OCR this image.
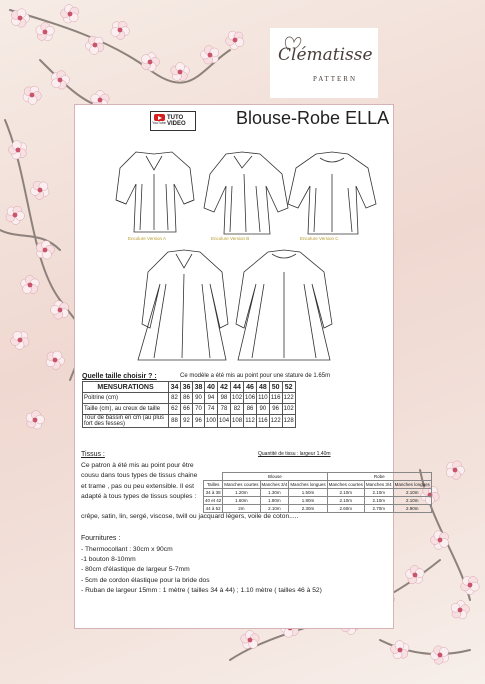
Clématisse
PATTERN
YouTube
TUTO VIDEO	Blouse-Robe ELLA
Encolure Version A	Encolure Version B	Encolure Version C
Quelle taille choisir ? :	Ce modèle a été mis au point pour une stature de 1.65m
MENSURATIONS	34	36	38	40	42	44	46	48	50	52
Poitrine (cm)	82	86	90	94	98	102	106	110	116	122
Taille (cm), au creux de taille	62	66	70	74	78	82	86	90	96	102
Tour de bassin en cm (au plus fort des fesses)	88	92	96	100	104	108	112	116	122	128
Tissus :
Ce patron à été mis au point pour être cousu dans tous types de tissus chaine et trame , pas ou peu extensible. Il est adapté à tous types de tissus souples :
crêpe, satin, lin, sergé, viscose, twill ou jacquard légers, voile de coton.....
Quantité de tissu : largeur 1.40m
	Blouse			Robe		
Tailles	Manches courtes	Manches 3/4	Manches longues	Manches courtes	Manches 3/4	Manches longues
34 à 38	1.20m	1.30m	1.50m	2.10m	2.10m	2.10m
40 et 42	1.60m	1.80m	1.80m	2.10m	2.10m	2.10m
44 à 52	2m	2.10m	2.30m	2.60m	2.70m	2.90m
Fournitures :
- Thermocollant : 30cm x 90cm
-1 bouton 8-10mm
- 80cm d'élastique de largeur 5-7mm
- 5cm de cordon élastique pour la bride dos
- Ruban de largeur 15mm : 1 mètre ( tailles 34 à 44) ; 1.10 mètre ( tailles 46 à 52)
